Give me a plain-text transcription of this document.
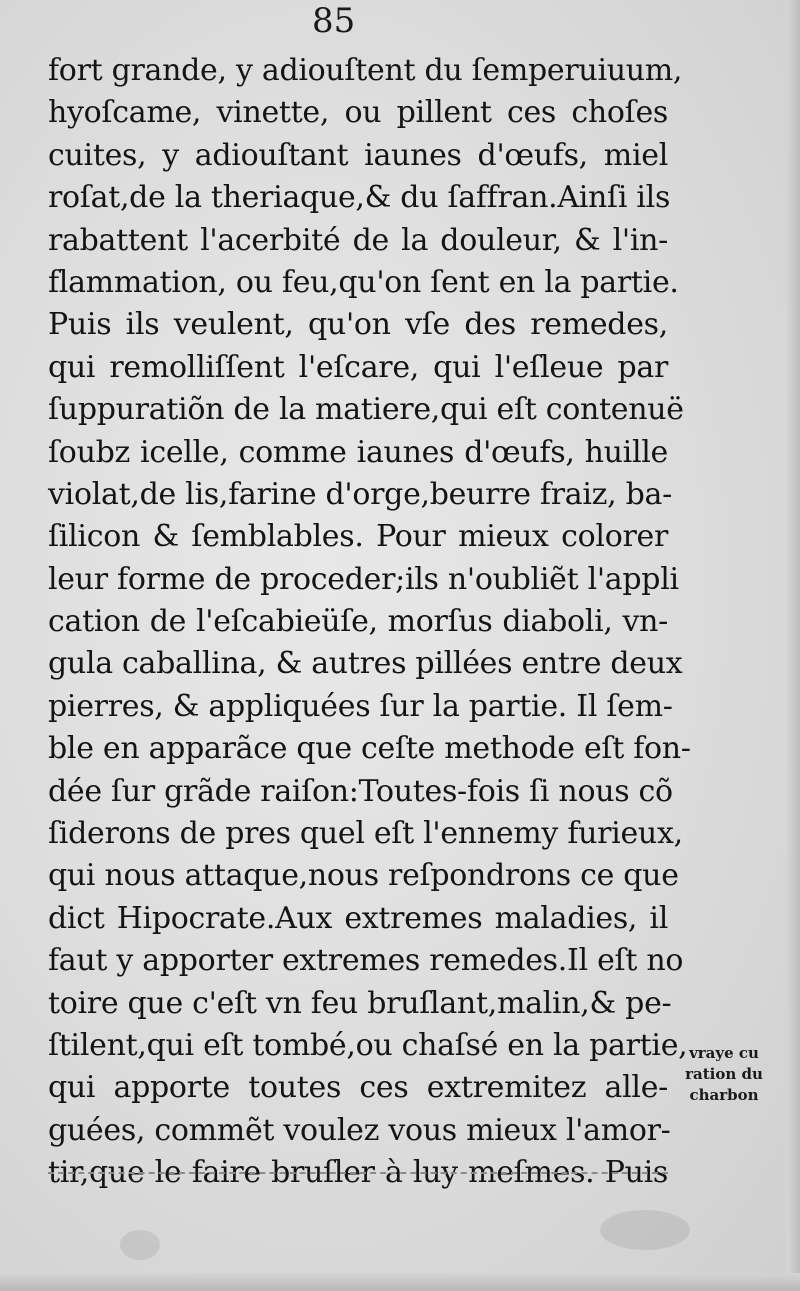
85
fort grande, y adiouſtent du ſemperuiuum,
hyoſcame, vinette, ou pillent ces choſes
cuites, y adiouſtant iaunes d'œufs, miel
roſat,de la theriaque,& du ſaffran.Ainſi ils
rabattent l'acerbité de la douleur, & l'in-
flammation, ou feu,qu'on ſent en la partie.
Puis ils veulent, qu'on vſe des remedes,
qui remolliſſent l'eſcare, qui l'eſleue par
ſuppuratiõn de la matiere,qui eſt contenuë
ſoubz icelle, comme iaunes d'œufs, huille
violat,de lis,farine d'orge,beurre fraiz, ba-
ſilicon & ſemblables. Pour mieux colorer
leur forme de proceder;ils n'oubliẽt l'appli
cation de l'eſcabieüſe, morſus diaboli, vn-
gula caballina, & autres pillées entre deux
pierres, & appliquées ſur la partie. Il ſem-
ble en apparãce que ceſte methode eſt fon-
dée ſur grãde raiſon:Toutes-fois ſi nous cõ
ſiderons de pres quel eſt l'ennemy furieux,
qui nous attaque,nous reſpondrons ce que
dict Hipocrate.Aux extremes maladies, il
faut y apporter extremes remedes.Il eſt no
toire que c'eſt vn feu bruſlant,malin,& pe-
ſtilent,qui eſt tombé,ou chaſsé en la partie,
qui apporte toutes ces extremitez alle-
guées, commẽt voulez vous mieux l'amor-
tir,que le faire bruſler à luy meſmes. Puis
vraye cu
ration du
charbon
